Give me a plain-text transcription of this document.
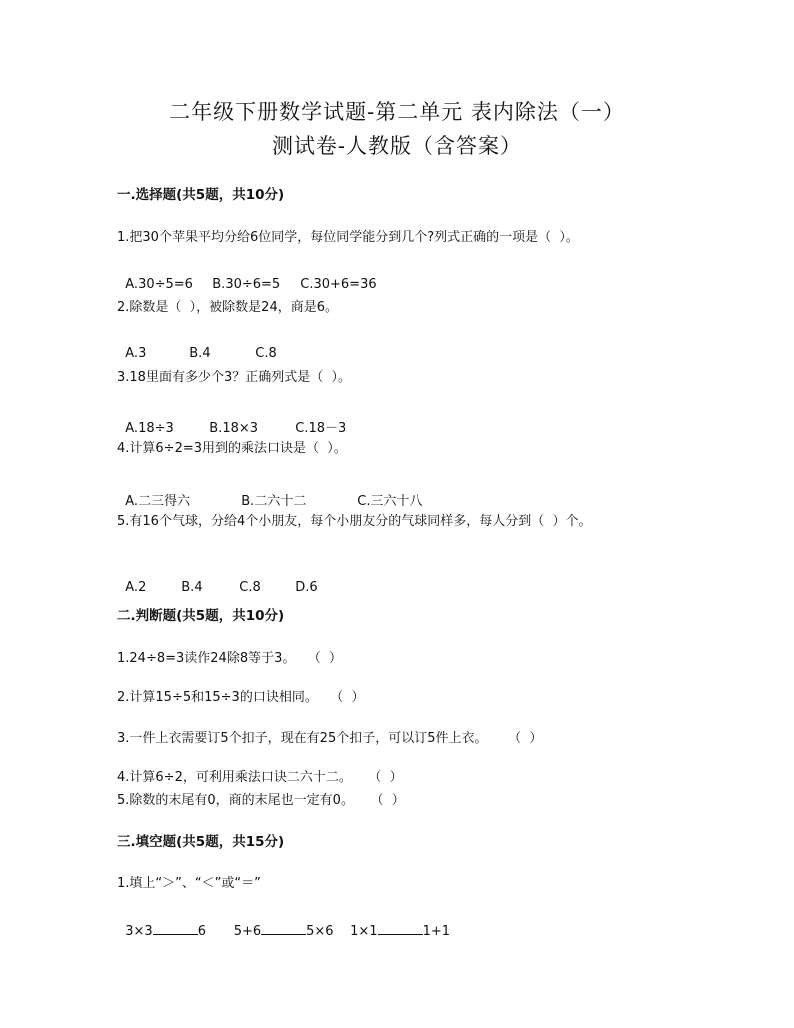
二年级下册数学试题-第二单元 表内除法（一）
测试卷-人教版（含答案）
一.选择题(共5题，共10分)
1.把30个苹果平均分给6位同学，每位同学能分到几个?列式正确的一项是（  ）。

A.30÷5=6 B.30÷6=5 C.30+6=36

2.除数是（  ），被除数是24，商是6。

A.3	B.4	C.8

3.18里面有多少个3？正确列式是（  ）。

A.18÷3	B.18×3	C.18－3

4.计算6÷2=3用到的乘法口诀是（  ）。

A.二三得六	B.二六十二	C.三六十八

5.有16个气球，分给4个小朋友，每个小朋友分的气球同样多，每人分到（  ）个。

A.2	B.4	C.8	D.6

二.判断题(共5题，共10分)
1.24÷8=3读作24除8等于3。   （  ）
2.计算15÷5和15÷3的口诀相同。   （  ）
3.一件上衣需要订5个扣子，现在有25个扣子，可以订5件上衣。     （  ）
4.计算6÷2，可利用乘法口诀二六十二。    （  ）
5.除数的末尾有0，商的末尾也一定有0。    （  ）
三.填空题(共5题，共15分)
1.填上“＞”、“＜”或“＝”

3×3	6 5+6	5×6 1×1	1+1
